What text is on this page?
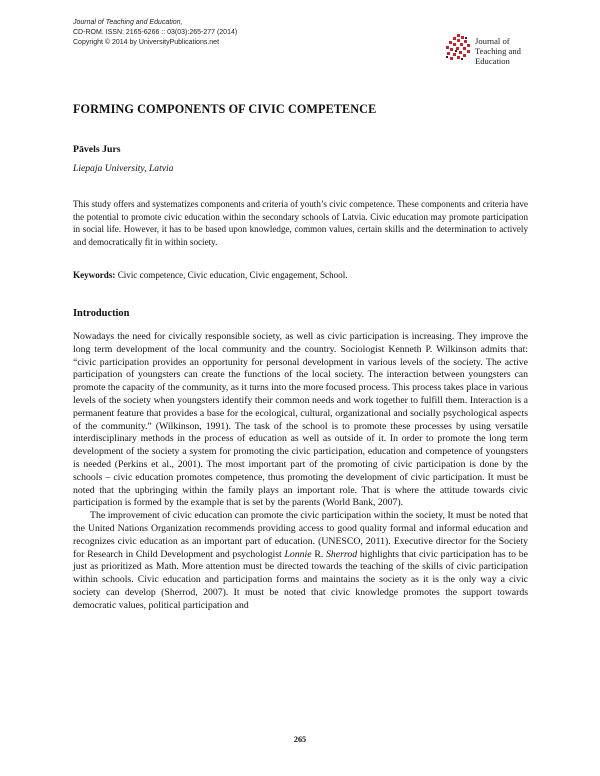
Journal of Teaching and Education,
CD-ROM. ISSN: 2165-6266 :: 03(03):265-277 (2014)
Copyright © 2014 by UniversityPublications.net	Journal of
Teaching and
Education
FORMING COMPONENTS OF CIVIC COMPETENCE
Pāvels Jurs
Liepaja University, Latvia
This study offers and systematizes components and criteria of youth’s civic competence. These components and criteria have the potential to promote civic education within the secondary schools of Latvia. Civic education may promote participation in social life. However, it has to be based upon knowledge, common values, certain skills and the determination to actively and democratically fit in within society.
Keywords: Civic competence, Civic education, Civic engagement, School.
Introduction

Nowadays the need for civically responsible society, as well as civic participation is increasing. They improve the long term development of the local community and the country. Sociologist Kenneth P. Wilkinson admits that: “civic participation provides an opportunity for personal development in various levels of the society. The active participation of youngsters can create the functions of the local society. The interaction between youngsters can promote the capacity of the community, as it turns into the more focused process. This process takes place in various levels of the society when youngsters identify their common needs and work together to fulfill them. Interaction is a permanent feature that provides a base for the ecological, cultural, organizational and socially psychological aspects of the community.” (Wilkinson, 1991). The task of the school is to promote these processes by using versatile interdisciplinary methods in the process of education as well as outside of it. In order to promote the long term development of the society a system for promoting the civic participation, education and competence of youngsters is needed (Perkins et al., 2001). The most important part of the promoting of civic participation is done by the schools – civic education promotes competence, thus promoting the development of civic participation. It must be noted that the upbringing within the family plays an important role. That is where the attitude towards civic participation is formed by the example that is set by the parents (World Bank, 2007).

The improvement of civic education can promote the civic participation within the society, It must be noted that the United Nations Organization recommends providing access to good quality formal and informal education and recognizes civic education as an important part of education. (UNESCO, 2011). Executive director for the Society for Research in Child Development and psychologist Lonnie R. Sherrod highlights that civic participation has to be just as prioritized as Math. More attention must be directed towards the teaching of the skills of civic participation within schools. Civic education and participation forms and maintains the society as it is the only way a civic society can develop (Sherrod, 2007). It must be noted that civic knowledge promotes the support towards democratic values, political participation and

265
